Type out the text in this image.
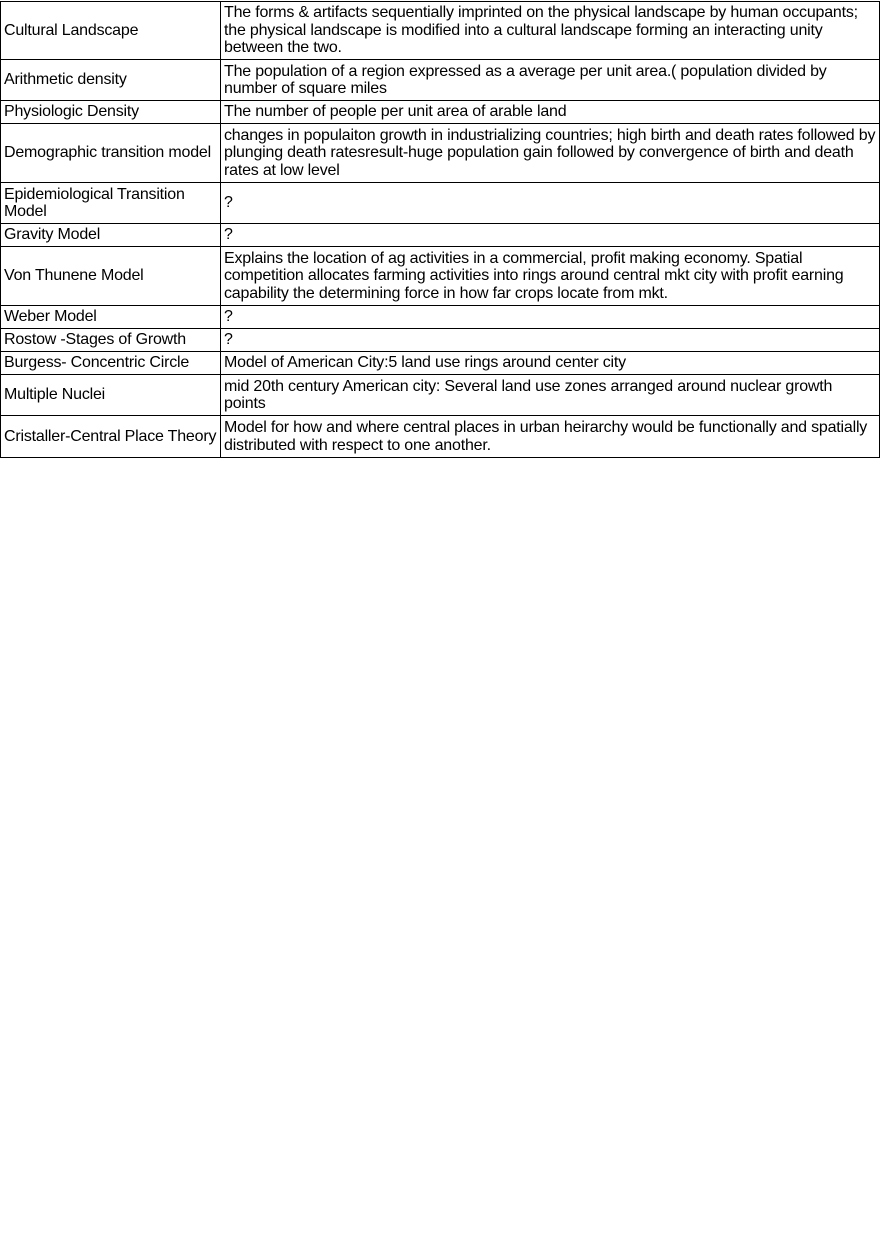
Cultural Landscape	The forms & artifacts sequentially imprinted on the physical landscape by human occupants; the physical landscape is modified into a cultural landscape forming an interacting unity between the two.
Arithmetic density	The population of a region expressed as a average per unit area.( population divided by number of square miles
Physiologic Density	The number of people per unit area of arable land
Demographic transition model	changes in populaiton growth in industrializing countries; high birth and death rates followed by plunging death ratesresult-huge population gain followed by convergence of birth and death rates at low level
Epidemiological Transition Model	?
Gravity Model	?
Von Thunene Model	Explains the location of ag activities in a commercial, profit making economy. Spatial competition allocates farming activities into rings around central mkt city with profit earning capability the determining force in how far crops locate from mkt.
Weber Model	?
Rostow -Stages of Growth	?
Burgess- Concentric Circle	Model of American City:5 land use rings around center city
Multiple Nuclei	mid 20th century American city: Several land use zones arranged around nuclear growth points
Cristaller-Central Place Theory	Model for how and where central places in urban heirarchy would be functionally and spatially distributed with respect to one another.
